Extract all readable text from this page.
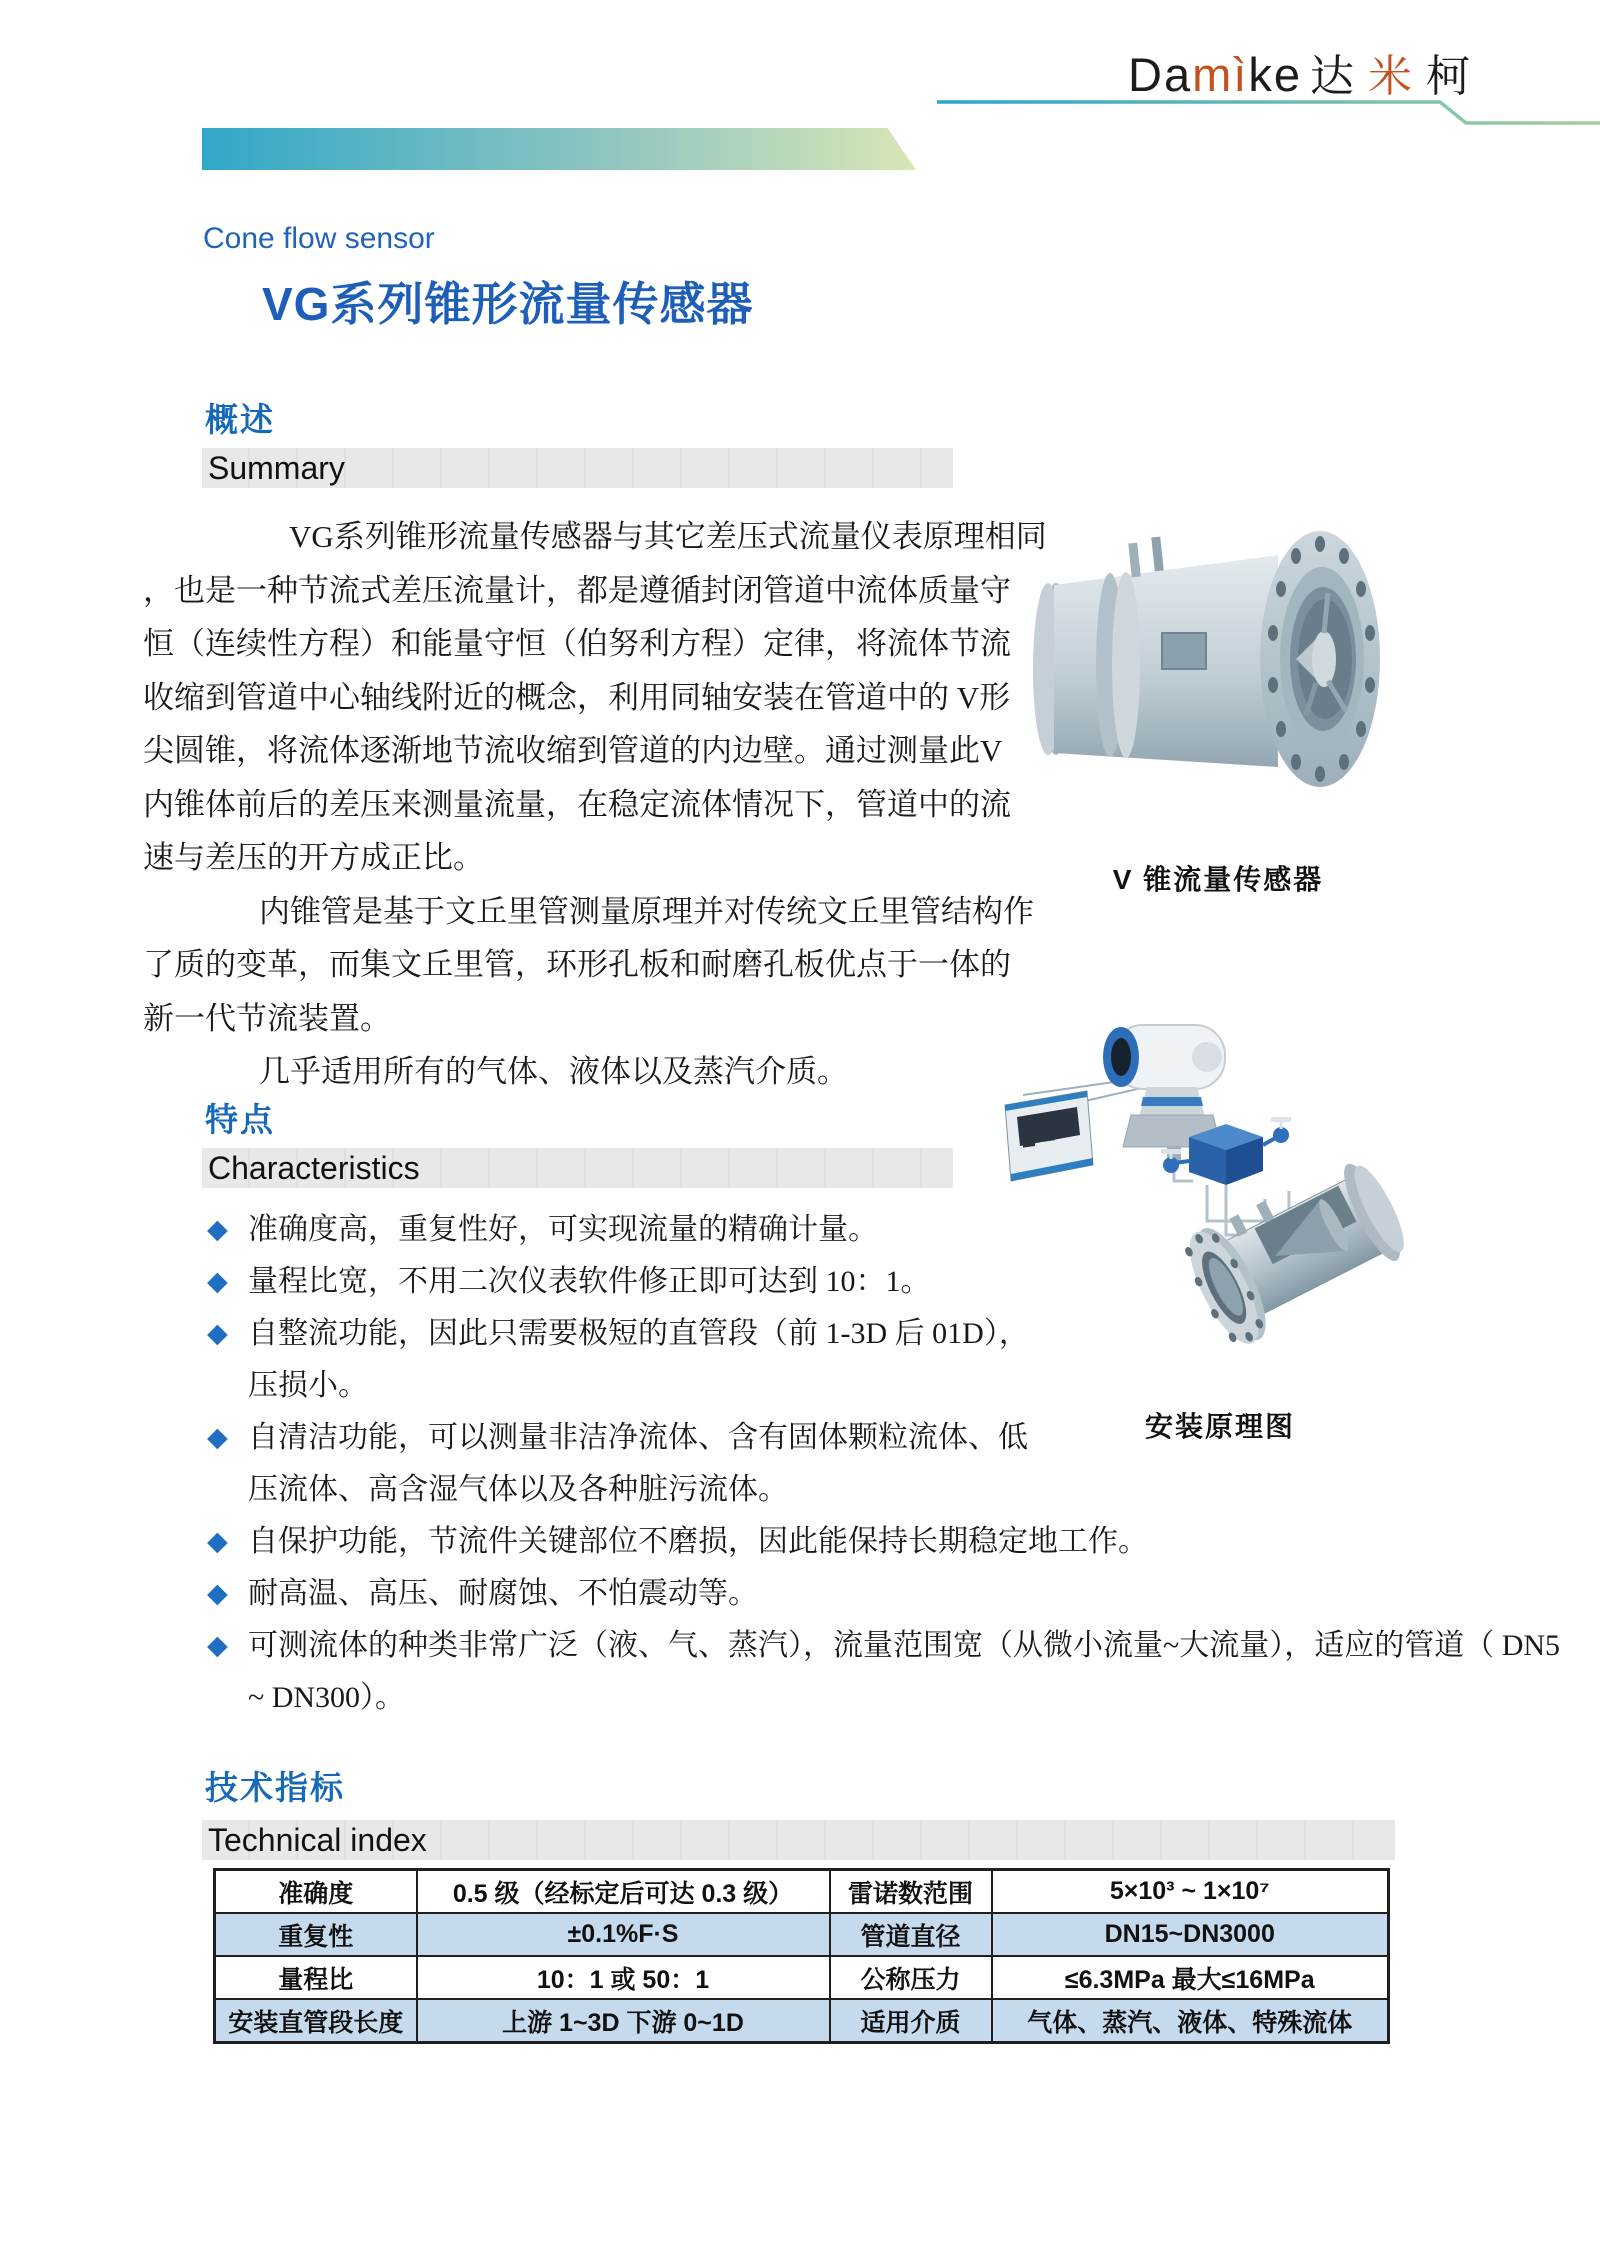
Damìke 达 米 柯
Cone flow sensor
VG系列锥形流量传感器
概述
Summary
VG系列锥形流量传感器与其它差压式流量仪表原理相同
，也是一种节流式差压流量计，都是遵循封闭管道中流体质量守
恒（连续性方程）和能量守恒（伯努利方程）定律，将流体节流
收缩到管道中心轴线附近的概念，利用同轴安装在管道中的 V形
尖圆锥，将流体逐渐地节流收缩到管道的内边壁。通过测量此V
内锥体前后的差压来测量流量，在稳定流体情况下，管道中的流
速与差压的开方成正比。
内锥管是基于文丘里管测量原理并对传统文丘里管结构作
了质的变革，而集文丘里管，环形孔板和耐磨孔板优点于一体的
新一代节流装置。
几乎适用所有的气体、液体以及蒸汽介质。
V 锥流量传感器
特点
Characteristics
◆ 准确度高，重复性好，可实现流量的精确计量。
◆ 量程比宽，不用二次仪表软件修正即可达到 10：1。
◆ 自整流功能，因此只需要极短的直管段（前 1-3D 后 01D），
压损小。
◆ 自清洁功能，可以测量非洁净流体、含有固体颗粒流体、低
压流体、高含湿气体以及各种脏污流体。
◆ 自保护功能，节流件关键部位不磨损，因此能保持长期稳定地工作。
◆ 耐高温、高压、耐腐蚀、不怕震动等。
◆ 可测流体的种类非常广泛（液、气、蒸汽），流量范围宽（从微小流量~大流量），适应的管道（ DN5
~ DN300）。
安装原理图
技术指标
Technical index
准确度	0.5 级（经标定后可达 0.3 级）	雷诺数范围	5×10³ ~ 1×10⁷
重复性	±0.1%F·S	管道直径	DN15~DN3000
量程比	10：1 或 50：1	公称压力	≤6.3MPa 最大≤16MPa
安装直管段长度	上游 1~3D 下游 0~1D	适用介质	气体、蒸汽、液体、特殊流体
